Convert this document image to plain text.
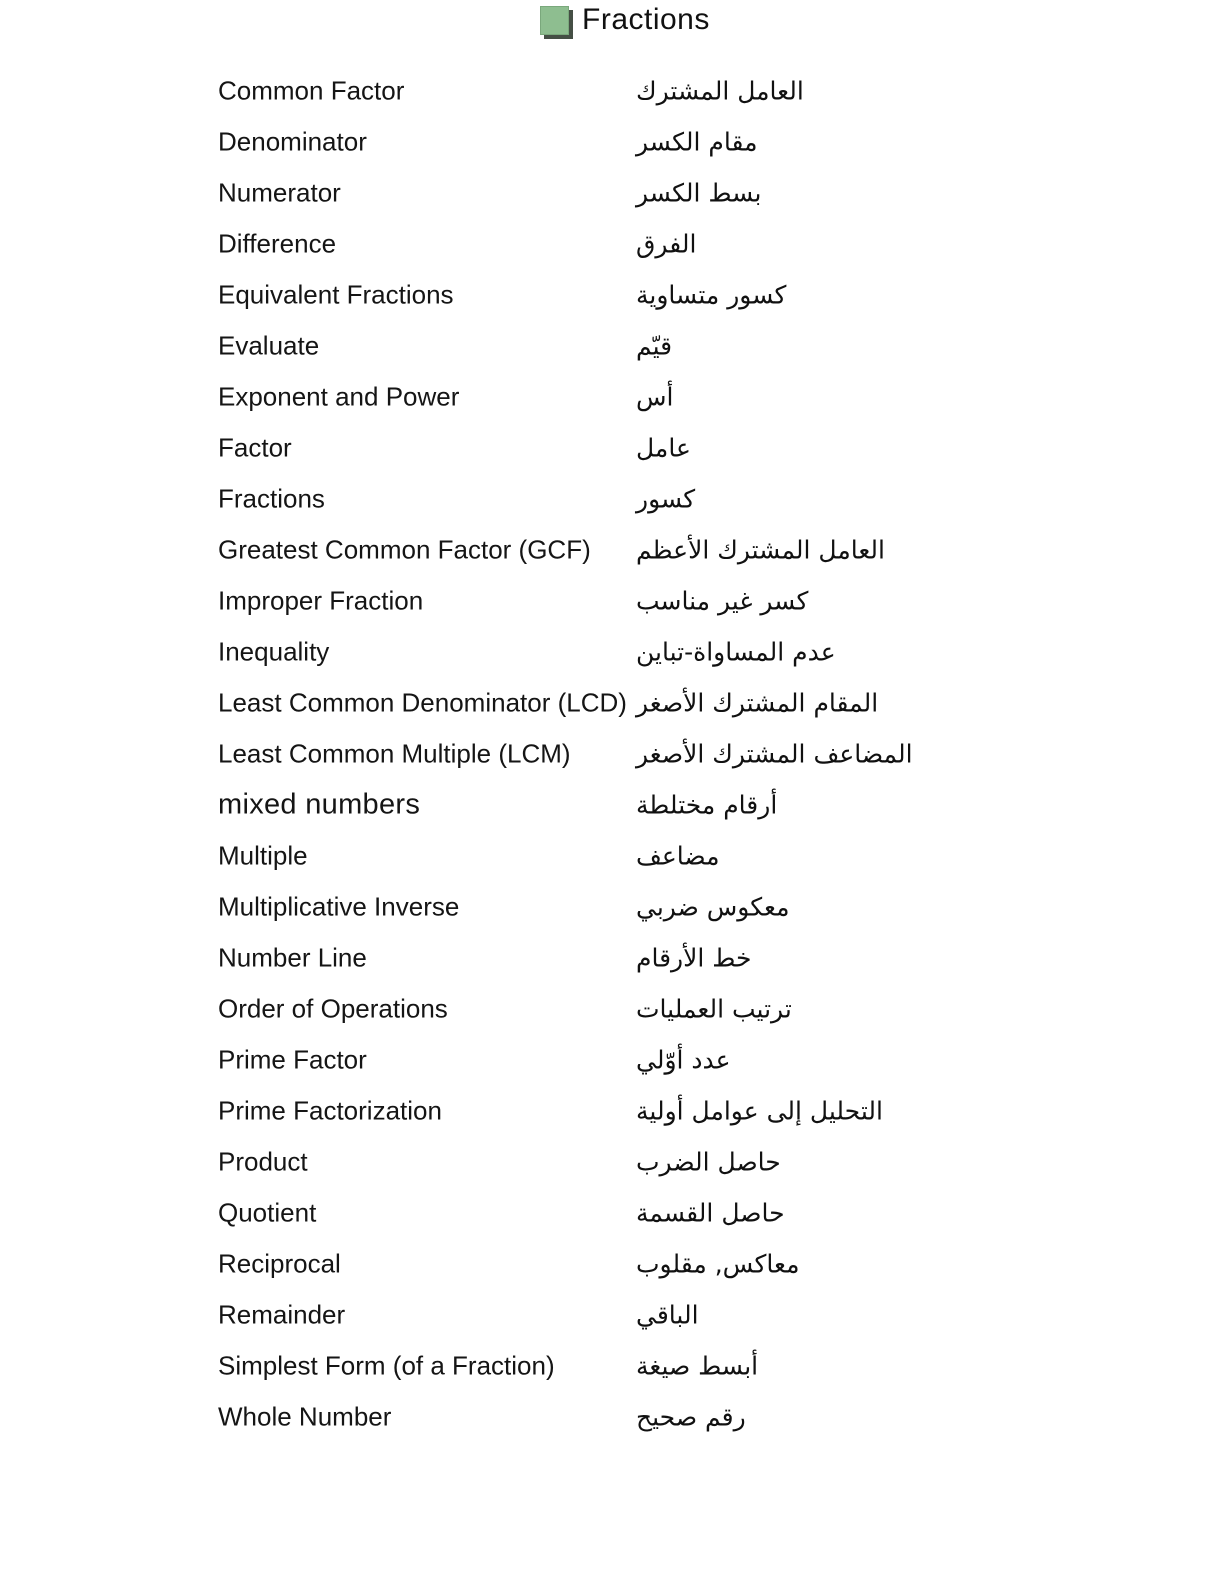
Fractions
Common Factor	العامل المشترك
Denominator	مقام الكسر
Numerator	بسط الكسر
Difference	الفرق
Equivalent Fractions	كسور متساوية
Evaluate	قيّم
Exponent and Power	أس
Factor	عامل
Fractions	كسور
Greatest Common Factor (GCF) العامل المشترك الأعظم
Improper Fraction	كسر غير مناسب
Inequality	عدم المساواة-تباين
Least Common Denominator (LCD) المقام المشترك الأصغر
Least Common Multiple (LCM)	المضاعف المشترك الأصغر
mixed numbers	أرقام مختلطة
Multiple	مضاعف
Multiplicative Inverse	معكوس ضربي
Number Line	خط الأرقام
Order of Operations	ترتيب العمليات
Prime Factor	عدد أوّلي
Prime Factorization	التحليل إلى عوامل أولية
Product	حاصل الضرب
Quotient	حاصل القسمة
Reciprocal	معاكس, مقلوب
Remainder	الباقي
Simplest Form (of a Fraction)	أبسط صيغة
Whole Number	رقم صحيح
